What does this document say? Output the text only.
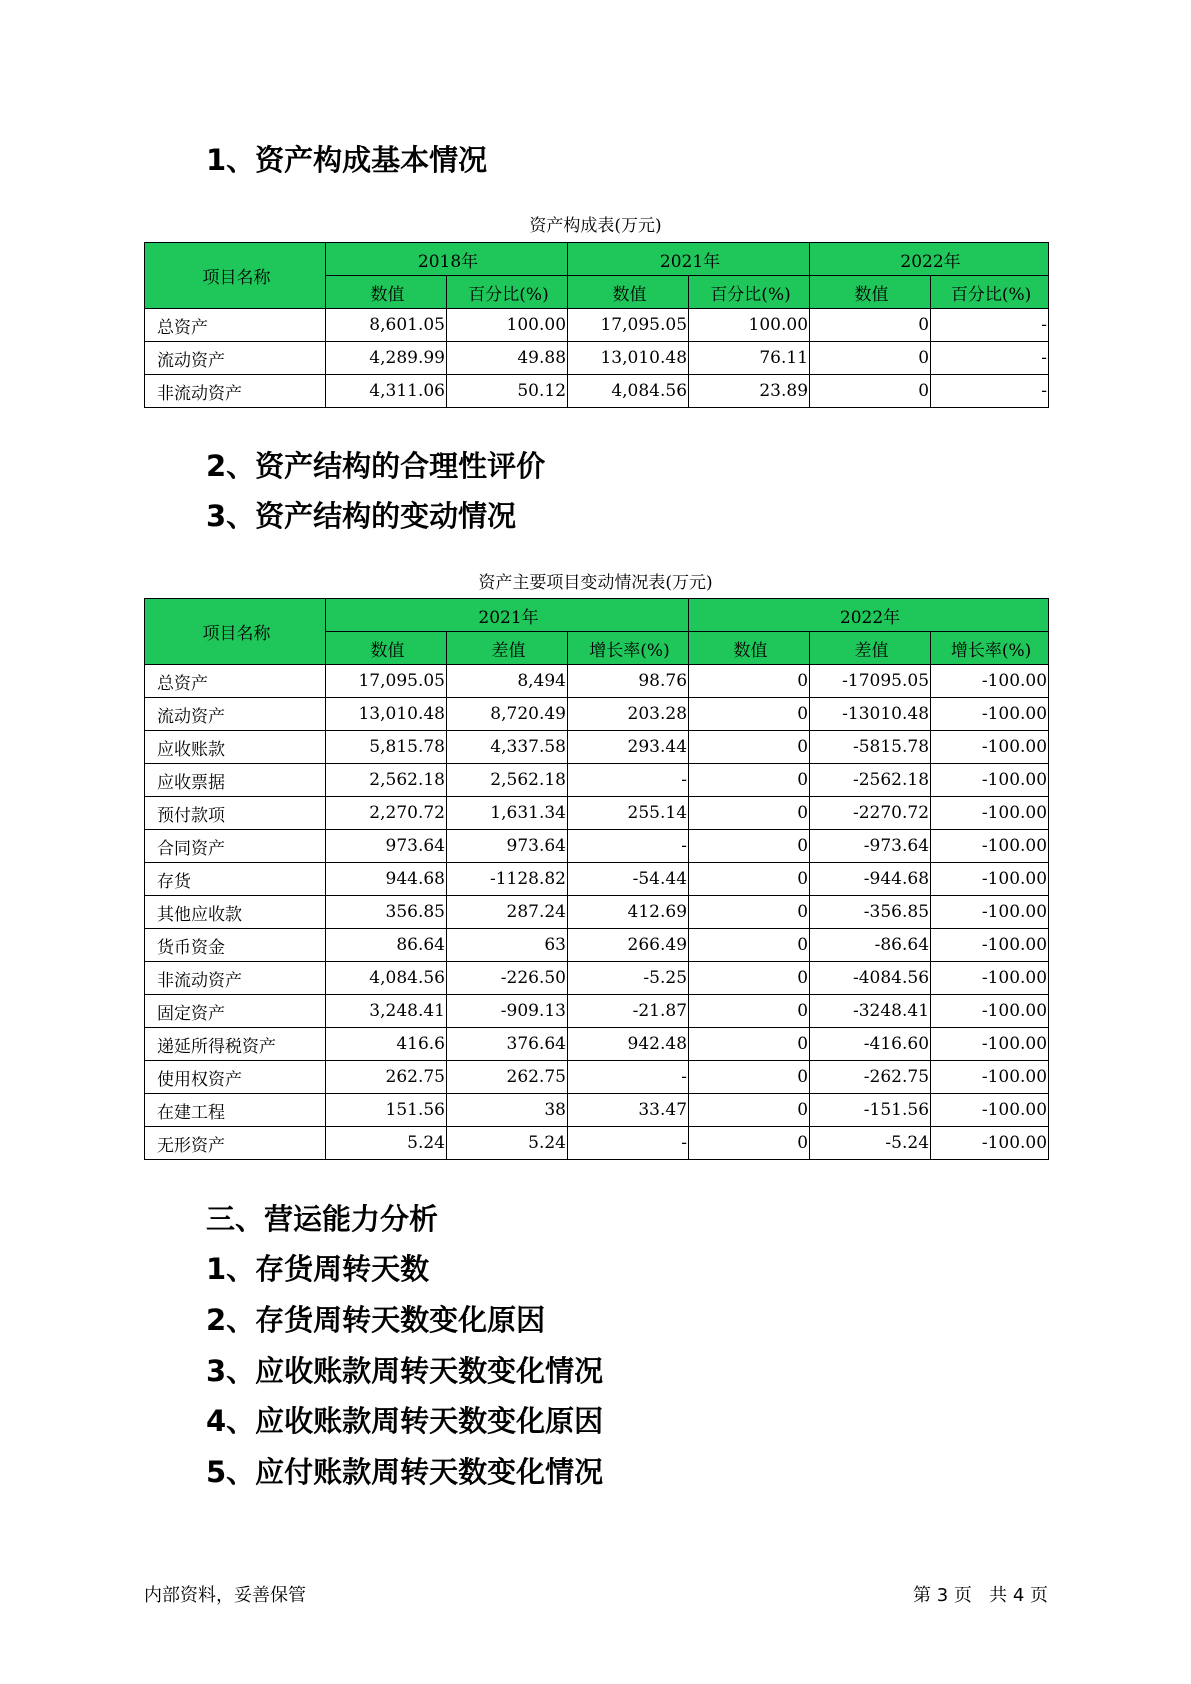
1、资产构成基本情况
资产构成表(万元)
项目名称	2018年		2021年		2022年	
	数值	百分比(%)	数值	百分比(%)	数值	百分比(%)
总资产	8,601.05	100.00	17,095.05	100.00	0	-
流动资产	4,289.99	49.88	13,010.48	76.11	0	-
非流动资产	4,311.06	50.12	4,084.56	23.89	0	-
2、资产结构的合理性评价
3、资产结构的变动情况
资产主要项目变动情况表(万元)
项目名称	2021年			2022年		
	数值	差值	增长率(%)	数值	差值	增长率(%)
总资产	17,095.05	8,494	98.76	0	-17095.05	-100.00
流动资产	13,010.48	8,720.49	203.28	0	-13010.48	-100.00
应收账款	5,815.78	4,337.58	293.44	0	-5815.78	-100.00
应收票据	2,562.18	2,562.18	-	0	-2562.18	-100.00
预付款项	2,270.72	1,631.34	255.14	0	-2270.72	-100.00
合同资产	973.64	973.64	-	0	-973.64	-100.00
存货	944.68	-1128.82	-54.44	0	-944.68	-100.00
其他应收款	356.85	287.24	412.69	0	-356.85	-100.00
货币资金	86.64	63	266.49	0	-86.64	-100.00
非流动资产	4,084.56	-226.50	-5.25	0	-4084.56	-100.00
固定资产	3,248.41	-909.13	-21.87	0	-3248.41	-100.00
递延所得税资产	416.6	376.64	942.48	0	-416.60	-100.00
使用权资产	262.75	262.75	-	0	-262.75	-100.00
在建工程	151.56	38	33.47	0	-151.56	-100.00
无形资产	5.24	5.24	-	0	-5.24	-100.00
三、营运能力分析
1、存货周转天数
2、存货周转天数变化原因
3、应收账款周转天数变化情况
4、应收账款周转天数变化原因
5、应付账款周转天数变化情况
内部资料，妥善保管	第 3 页   共 4 页
